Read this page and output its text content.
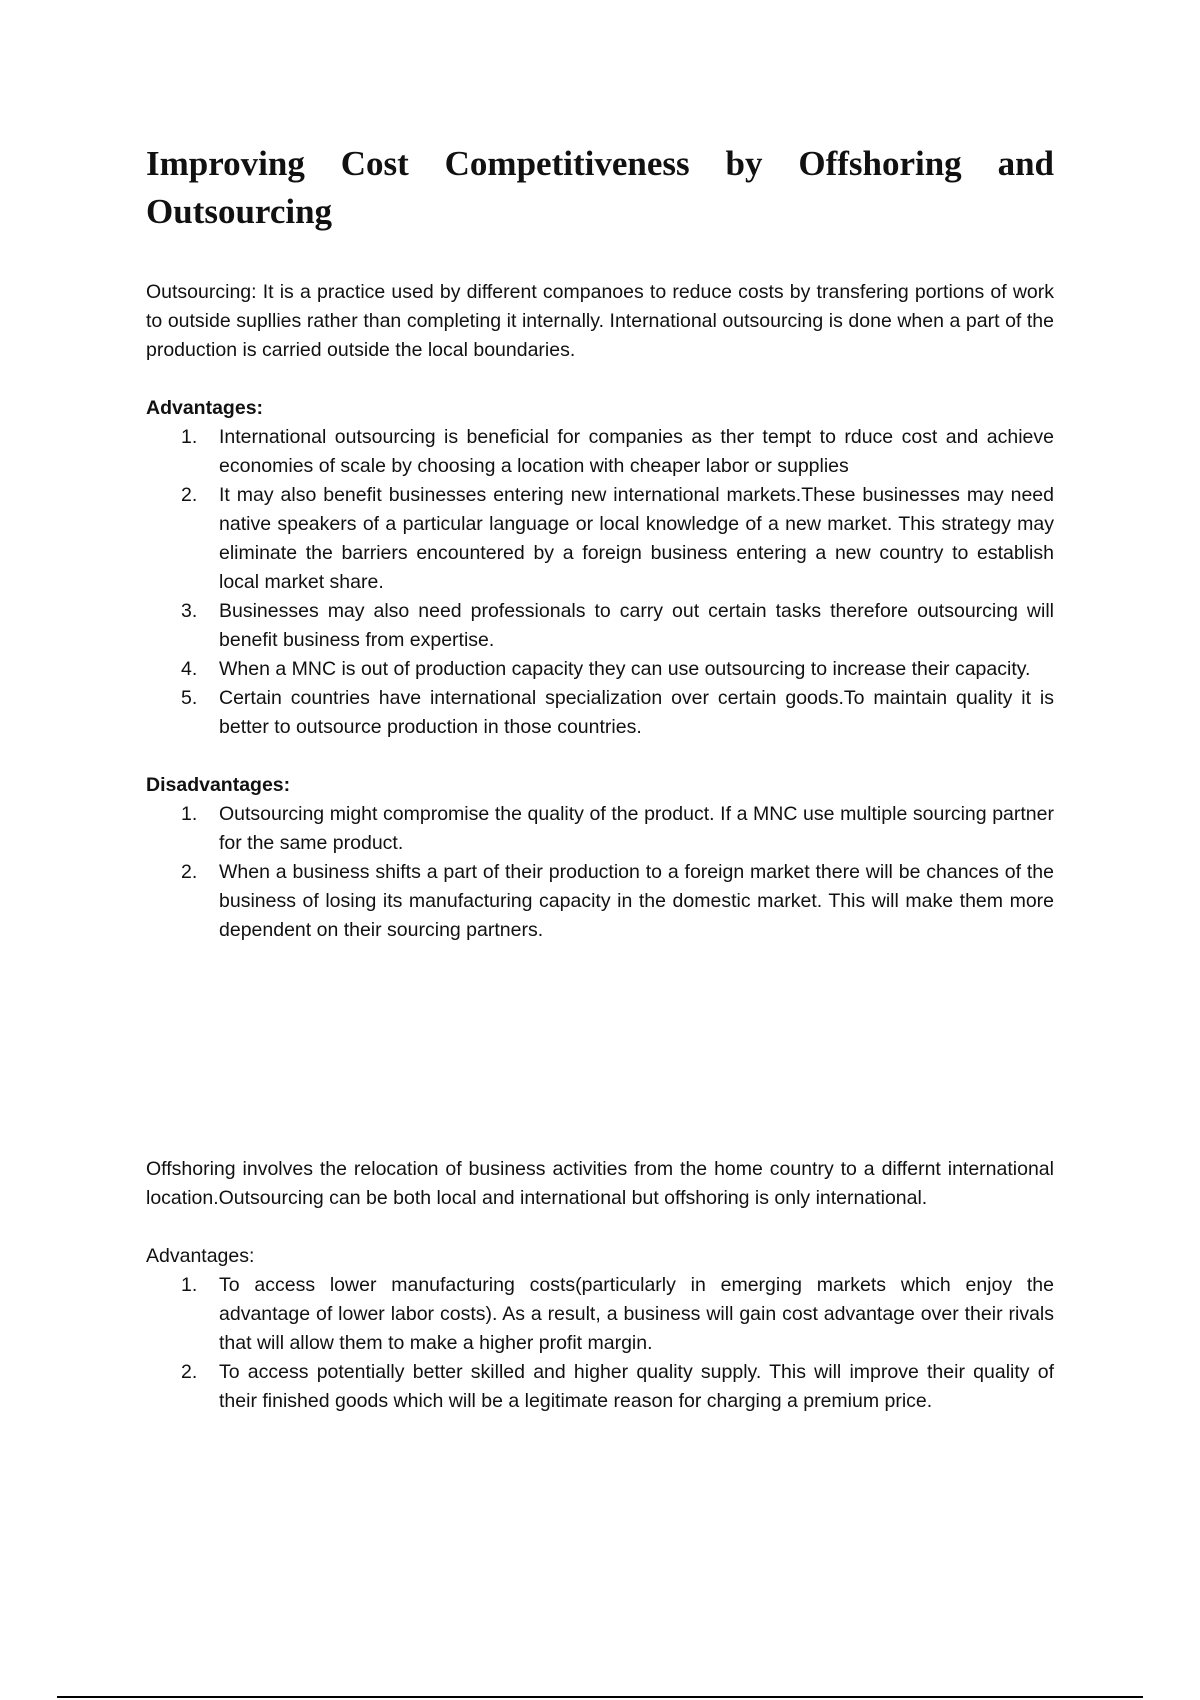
Improving Cost Competitiveness by Offshoring and Outsourcing

Outsourcing: It is a practice used by different companoes to reduce costs by transfering portions of work to outside supllies rather than completing it internally. International outsourcing is done when a part of the production is carried outside the local boundaries.

Advantages:

1. International outsourcing is beneficial for companies as ther tempt to rduce cost and achieve economies of scale by choosing a location with cheaper labor or supplies
2. It may also benefit businesses entering new international markets.These businesses may need native speakers of a particular language or local knowledge of a new market. This strategy may eliminate the barriers encountered by a foreign business entering a new country to establish local market share.
3. Businesses may also need professionals to carry out certain tasks therefore outsourcing will benefit business from expertise.
4. When a MNC is out of production capacity they can use outsourcing to increase their capacity.
5. Certain countries have international specialization over certain goods.To maintain quality it is better to outsource production in those countries.

Disadvantages:

1. Outsourcing might compromise the quality of the product. If a MNC use multiple sourcing partner for the same product.
2. When a business shifts a part of their production to a foreign market there will be chances of the business of losing its manufacturing capacity in the domestic market. This will make them more dependent on their sourcing partners.

Offshoring involves the relocation of business activities from the home country to a differnt international location.Outsourcing can be both local and international but offshoring is only international.

Advantages:

1. To access lower manufacturing costs(particularly in emerging markets which enjoy the advantage of lower labor costs). As a result, a business will gain cost advantage over their rivals that will allow them to make a higher profit margin.
2. To access potentially better skilled and higher quality supply. This will improve their quality of their finished goods which will be a legitimate reason for charging a premium price.
